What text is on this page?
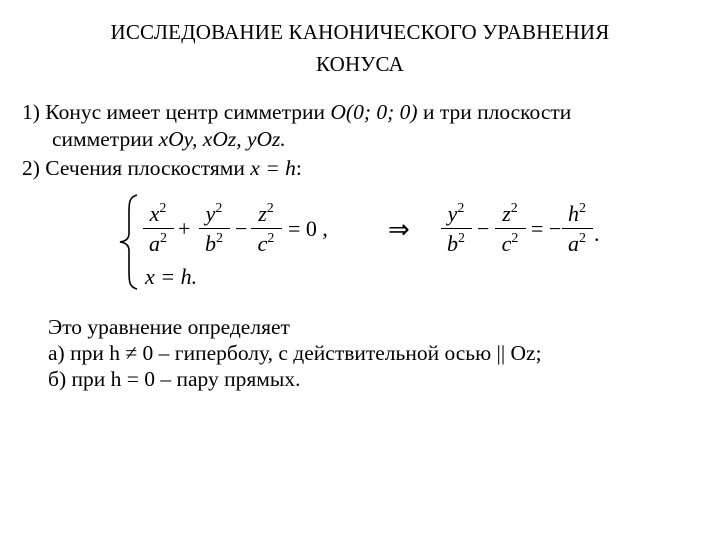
ИССЛЕДОВАНИЕ КАНОНИЧЕСКОГО УРАВНЕНИЯ
КОНУСА
1) Конус имеет центр симметрии O(0; 0; 0) и три плоскости
симметрии xOy, xOz, yOz.
2) Сечения плоскостями x = h:
$x^2$
$a^2$ +
$y^2$
$b^2$ −
$z^2$
$c^2 = 0$ ,
x = h.
⇒
$y^2$
$b^2$ −
$z^2$
$c^2$ = −
$h^2$
$a^2$ .
Это уравнение определяет
а) при h ≠ 0 – гиперболу, с действительной осью || Oz;
б) при h = 0 – пару прямых.
